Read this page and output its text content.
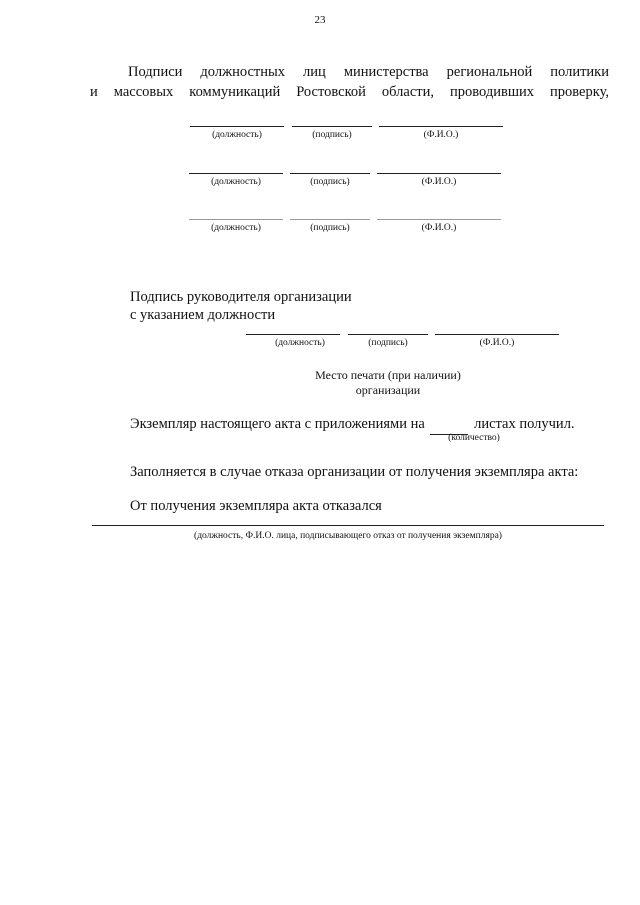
23
Подписи должностных лиц министерства региональной политики
и массовых коммуникаций Ростовской области, проводивших проверку,
(должность)	(подпись)	(Ф.И.О.)
(должность)	(подпись)	(Ф.И.О.)
(должность)	(подпись)	(Ф.И.О.)
Подпись руководителя организации
с указанием должности
(должность)	(подпись)	(Ф.И.О.)
Место печати (при наличии)
организации
Экземпляр настоящего акта с приложениями на	листах получил.
(количество)
Заполняется в случае отказа организации от получения экземпляра акта:
От получения экземпляра акта отказался
(должность, Ф.И.О. лица, подписывающего отказ от получения экземпляра)
